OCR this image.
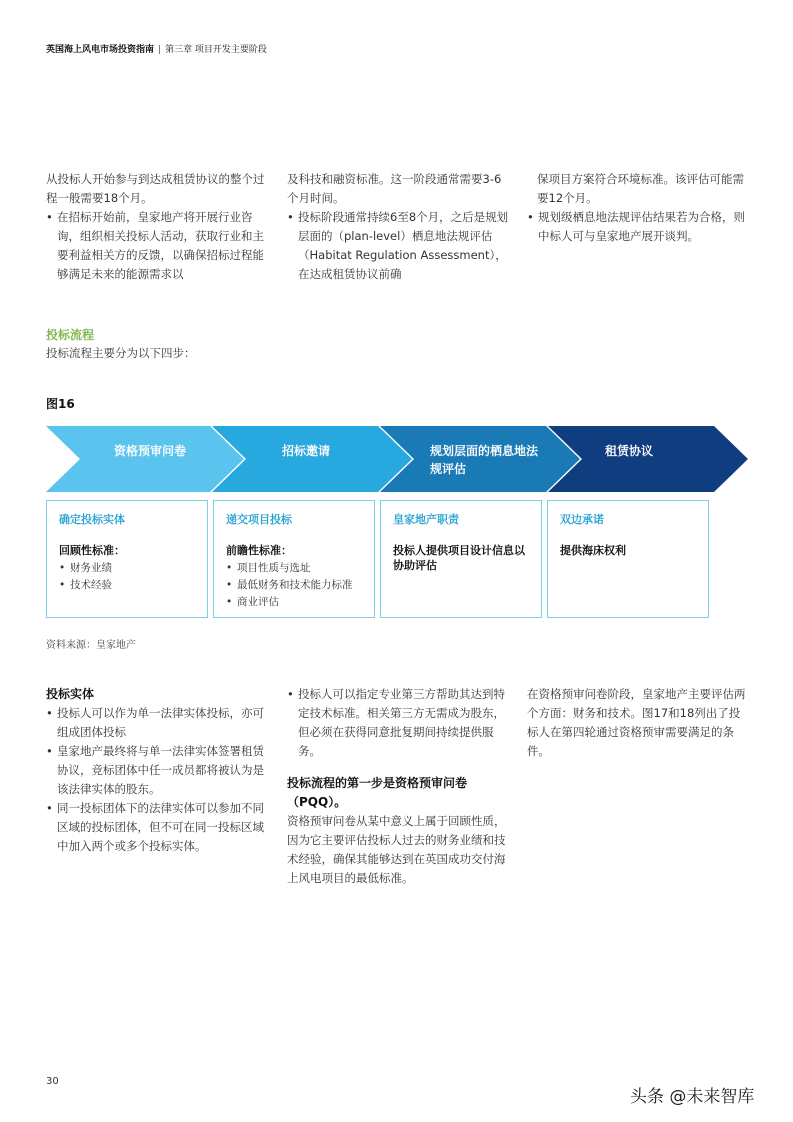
英国海上风电市场投资指南 | 第三章 项目开发主要阶段

从投标人开始参与到达成租赁协议的整个过程一般需要18个月。

• 在招标开始前，皇家地产将开展行业咨询，组织相关投标人活动，获取行业和主要利益相关方的反馈，以确保招标过程能够满足未来的能源需求以

及科技和融资标准。这一阶段通常需要3-6个月时间。

• 投标阶段通常持续6至8个月，之后是规划层面的（plan-level）栖息地法规评估（Habitat Regulation Assessment），在达成租赁协议前确

保项目方案符合环境标准。该评估可能需要12个月。

• 规划级栖息地法规评估结果若为合格，则中标人可与皇家地产展开谈判。

投标流程
投标流程主要分为以下四步：
图16
资格预审问卷	招标邀请	规划层面的栖息地法规评估
租赁协议
确定投标实体
回顾性标准：
• 财务业绩
• 技术经验
递交项目投标
前瞻性标准：
• 项目性质与选址
• 最低财务和技术能力标准
• 商业评估
皇家地产职责
投标人提供项目设计信息以协助评估
双边承诺
提供海床权利
资料来源：皇家地产

投标实体

• 投标人可以作为单一法律实体投标，亦可组成团体投标

• 皇家地产最终将与单一法律实体签署租赁协议，竞标团体中任一成员都将被认为是该法律实体的股东。

• 同一投标团体下的法律实体可以参加不同区域的投标团体，但不可在同一投标区域中加入两个或多个投标实体。

• 投标人可以指定专业第三方帮助其达到特定技术标准。相关第三方无需成为股东，但必须在获得同意批复期间持续提供服务。

投标流程的第一步是资格预审问卷（PQQ）。

资格预审问卷从某中意义上属于回顾性质，因为它主要评估投标人过去的财务业绩和技术经验，确保其能够达到在英国成功交付海上风电项目的最低标准。

在资格预审问卷阶段，皇家地产主要评估两个方面：财务和技术。图17和18列出了投标人在第四轮通过资格预审需要满足的条件。

30
头条 @未来智库
